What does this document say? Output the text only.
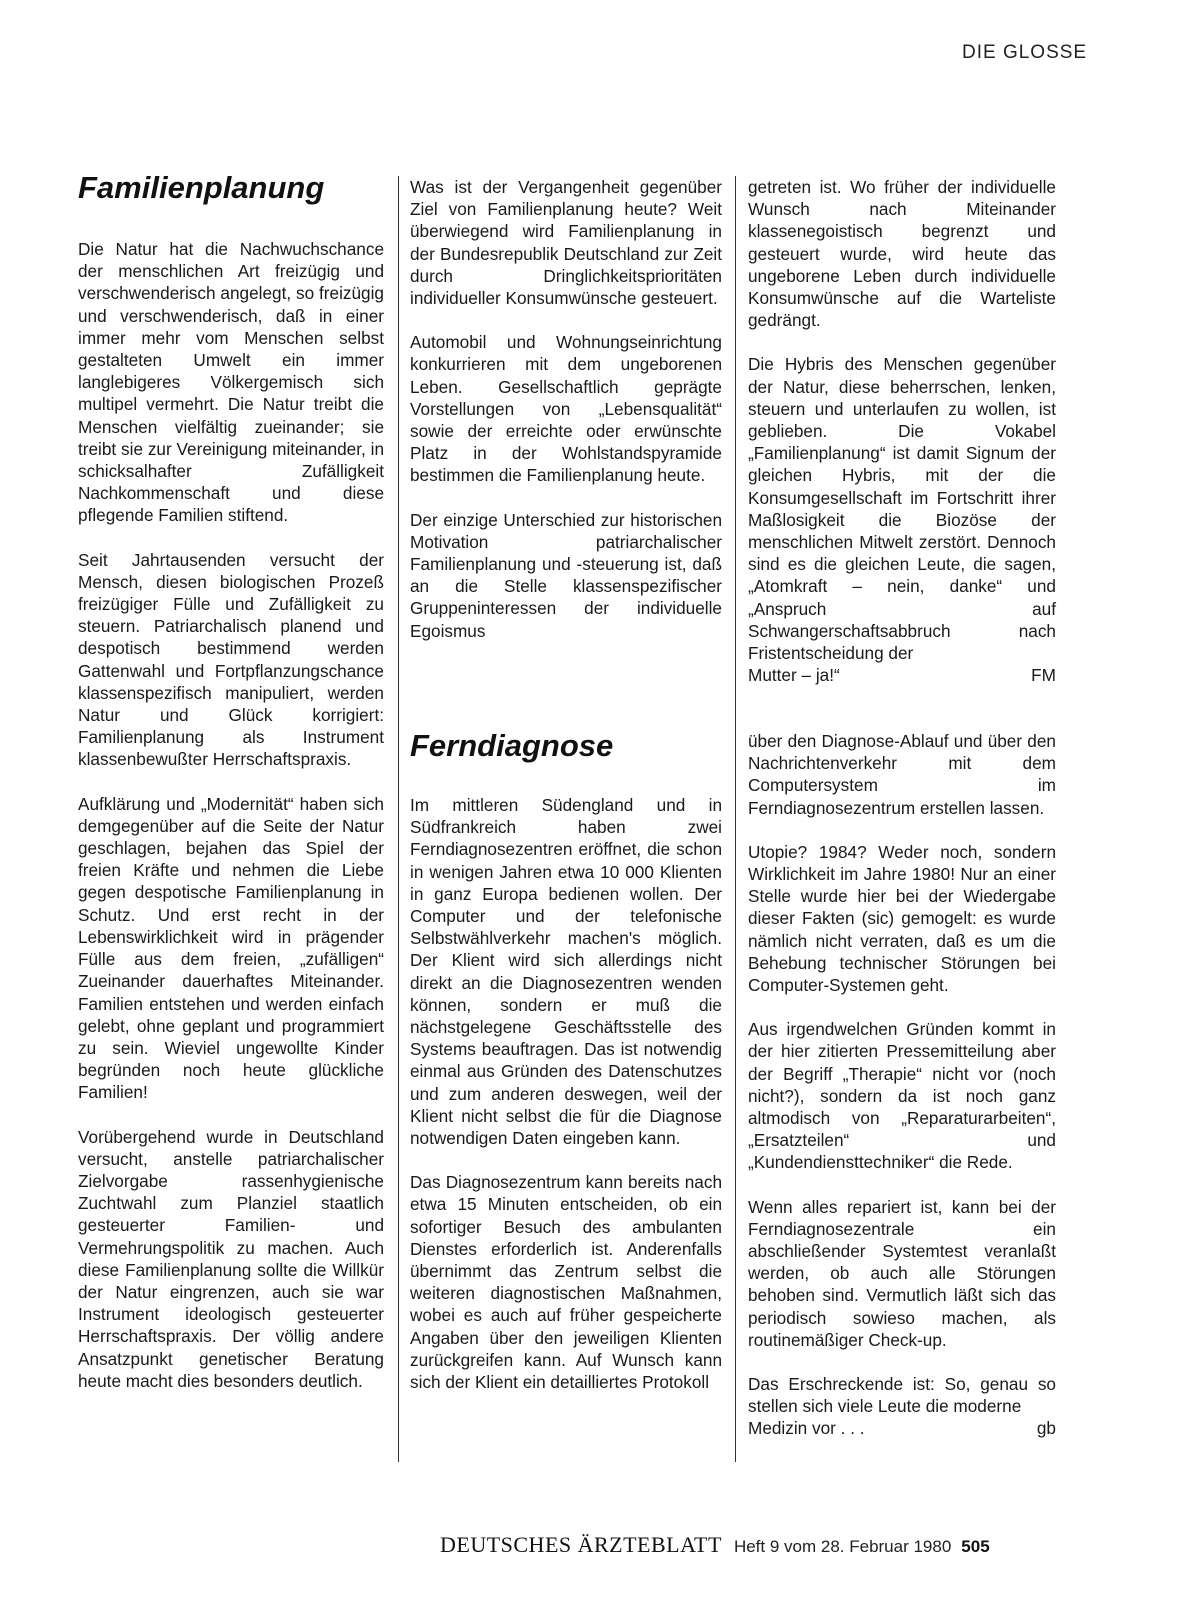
DIE GLOSSE
Familienplanung

Die Natur hat die Nachwuchschance der menschlichen Art freizügig und verschwenderisch angelegt, so freizügig und verschwenderisch, daß in einer immer mehr vom Menschen selbst gestalteten Umwelt ein immer langlebigeres Völkergemisch sich multipel vermehrt. Die Natur treibt die Menschen vielfältig zueinander; sie treibt sie zur Vereinigung miteinander, in schicksalhafter Zufälligkeit Nachkommenschaft und diese pflegende Familien stiftend.

Seit Jahrtausenden versucht der Mensch, diesen biologischen Prozeß freizügiger Fülle und Zufälligkeit zu steuern. Patriarchalisch planend und despotisch bestimmend werden Gattenwahl und Fortpflanzungschance klassenspezifisch manipuliert, werden Natur und Glück korrigiert: Familienplanung als Instrument klassenbewußter Herrschaftspraxis.

Aufklärung und „Modernität“ haben sich demgegenüber auf die Seite der Natur geschlagen, bejahen das Spiel der freien Kräfte und nehmen die Liebe gegen despotische Familienplanung in Schutz. Und erst recht in der Lebenswirklichkeit wird in prägender Fülle aus dem freien, „zufälligen“ Zueinander dauerhaftes Miteinander. Familien entstehen und werden einfach gelebt, ohne geplant und programmiert zu sein. Wieviel ungewollte Kinder begründen noch heute glückliche Familien!

Vorübergehend wurde in Deutschland versucht, anstelle patriarchalischer Zielvorgabe rassenhygienische Zuchtwahl zum Planziel staatlich gesteuerter Familien- und Vermehrungspolitik zu machen. Auch diese Familienplanung sollte die Willkür der Natur eingrenzen, auch sie war Instrument ideologisch gesteuerter Herrschaftspraxis. Der völlig andere Ansatzpunkt genetischer Beratung heute macht dies besonders deutlich.

Was ist der Vergangenheit gegenüber Ziel von Familienplanung heute? Weit überwiegend wird Familienplanung in der Bundesrepublik Deutschland zur Zeit durch Dringlichkeitsprioritäten individueller Konsumwünsche gesteuert.

Automobil und Wohnungseinrichtung konkurrieren mit dem ungeborenen Leben. Gesellschaftlich geprägte Vorstellungen von „Lebensqualität“ sowie der erreichte oder erwünschte Platz in der Wohlstandspyramide bestimmen die Familienplanung heute.

Der einzige Unterschied zur historischen Motivation patriarchalischer Familienplanung und -steuerung ist, daß an die Stelle klassenspezifischer Gruppeninteressen der individuelle Egoismus

getreten ist. Wo früher der individuelle Wunsch nach Miteinander klassenegoistisch begrenzt und gesteuert wurde, wird heute das ungeborene Leben durch individuelle Konsumwünsche auf die Warteliste gedrängt.

Die Hybris des Menschen gegenüber der Natur, diese beherrschen, lenken, steuern und unterlaufen zu wollen, ist geblieben. Die Vokabel „Familienplanung“ ist damit Signum der gleichen Hybris, mit der die Konsumgesellschaft im Fortschritt ihrer Maßlosigkeit die Biozöse der menschlichen Mitwelt zerstört. Dennoch sind es die gleichen Leute, die sagen, „Atomkraft – nein, danke“ und „Anspruch auf Schwangerschaftsabbruch nach Fristentscheidung der

Mutter – ja!“	FM
Ferndiagnose

Im mittleren Südengland und in Südfrankreich haben zwei Ferndiagnosezentren eröffnet, die schon in wenigen Jahren etwa 10 000 Klienten in ganz Europa bedienen wollen. Der Computer und der telefonische Selbstwählverkehr machen's möglich. Der Klient wird sich allerdings nicht direkt an die Diagnosezentren wenden können, sondern er muß die nächstgelegene Geschäftsstelle des Systems beauftragen. Das ist notwendig einmal aus Gründen des Datenschutzes und zum anderen deswegen, weil der Klient nicht selbst die für die Diagnose notwendigen Daten eingeben kann.

Das Diagnosezentrum kann bereits nach etwa 15 Minuten entscheiden, ob ein sofortiger Besuch des ambulanten Dienstes erforderlich ist. Anderenfalls übernimmt das Zentrum selbst die weiteren diagnostischen Maßnahmen, wobei es auch auf früher gespeicherte Angaben über den jeweiligen Klienten zurückgreifen kann. Auf Wunsch kann sich der Klient ein detailliertes Protokoll

über den Diagnose-Ablauf und über den Nachrichtenverkehr mit dem Computersystem im Ferndiagnosezentrum erstellen lassen.

Utopie? 1984? Weder noch, sondern Wirklichkeit im Jahre 1980! Nur an einer Stelle wurde hier bei der Wiedergabe dieser Fakten (sic) gemogelt: es wurde nämlich nicht verraten, daß es um die Behebung technischer Störungen bei Computer-Systemen geht.

Aus irgendwelchen Gründen kommt in der hier zitierten Pressemitteilung aber der Begriff „Therapie“ nicht vor (noch nicht?), sondern da ist noch ganz altmodisch von „Reparaturarbeiten“, „Ersatzteilen“ und „Kundendiensttechniker“ die Rede.

Wenn alles repariert ist, kann bei der Ferndiagnosezentrale ein abschließender Systemtest veranlaßt werden, ob auch alle Störungen behoben sind. Vermutlich läßt sich das periodisch sowieso machen, als routinemäßiger Check-up.

Das Erschreckende ist: So, genau so stellen sich viele Leute die moderne

Medizin vor . . .	gb
DEUTSCHES ÄRZTEBLATT Heft 9 vom 28. Februar 1980 505
